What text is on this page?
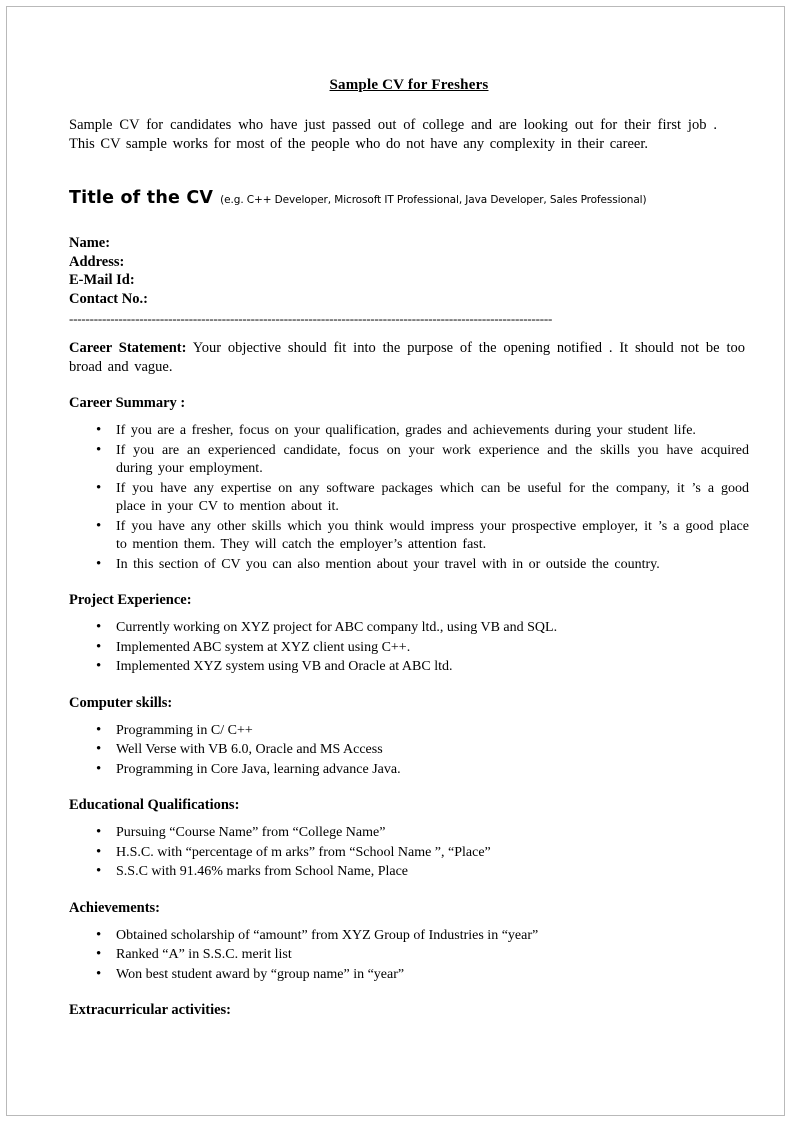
Sample CV for Freshers
Sample CV for candidates who have just passed out of college and are looking out for their first job . This CV sample works for most of the people who do not have any complexity in their career.
Title of the CV (e.g. C++ Developer, Microsoft IT Professional, Java Developer, Sales Professional)
Name:
Address:
E-Mail Id:
Contact No.:
---------------------------------------------------------------------------------------------------------------------
Career Statement: Your objective should fit into the purpose of the opening notified . It should not be too broad and vague.
Career Summary :
• If you are a fresher, focus on your qualification, grades and achievements during your student life.
• If you are an experienced candidate, focus on your work experience and the skills you have acquired during your employment.
• If you have any expertise on any software packages which can be useful for the company, it ’s a good place in your CV to mention about it.
• If you have any other skills which you think would impress your prospective employer, it ’s a good place to mention them. They will catch the employer’s attention fast.
• In this section of CV you can also mention about your travel with in or outside the country.
Project Experience:
• Currently working on XYZ project for ABC company ltd., using VB and SQL.
• Implemented ABC system at XYZ client using C++.
• Implemented XYZ system using VB and Oracle at ABC ltd.
Computer skills:
• Programming in C/ C++
• Well Verse with VB 6.0, Oracle and MS Access
• Programming in Core Java, learning advance Java.
Educational Qualifications:
• Pursuing “Course Name” from “College Name”
• H.S.C. with “percentage of m arks” from “School Name ”, “Place”
• S.S.C with 91.46% marks from School Name, Place
Achievements:
• Obtained scholarship of “amount” from XYZ Group of Industries in “year”
• Ranked “A” in S.S.C. merit list
• Won best student award by “group name” in “year”
Extracurricular activities:
